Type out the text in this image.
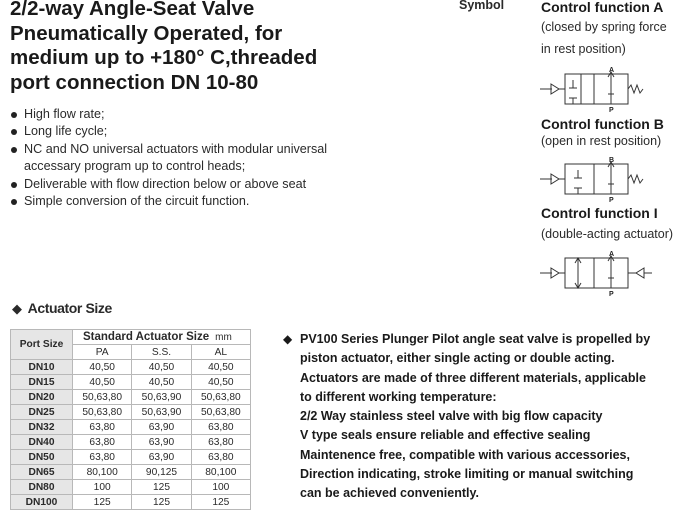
2/2-way Angle-Seat Valve
Pneumatically Operated, for
medium up to +180° C,threaded
port connection DN 10-80
High flow rate;
Long life cycle;
NC and NO universal actuators with modular universal accessary program up to control heads;
Deliverable with flow direction below or above seat
Simple conversion of the circuit function.
Symbol	Control function A
(closed by spring force
in rest position)
A
P
Control function B
(open in rest position)
B
P
Control function I
(double-acting actuator)
A
P
◆ Actuator Size
Port Size	Standard Actuator Size mm		
	PA	S.S.	AL
DN10	40,50	40,50	40,50
DN15	40,50	40,50	40,50
DN20	50,63,80	50,63,90	50,63,80
DN25	50,63,80	50,63,90	50,63,80
DN32	63,80	63,90	63,80
DN40	63,80	63,90	63,80
DN50	63,80	63,90	63,80
DN65	80,100	90,125	80,100
DN80	100	125	100
DN100	125	125	125
◆ PV100 Series Plunger Pilot angle seat valve is propelled by
piston actuator, either single acting or double acting.
Actuators are made of three different materials, applicable
to different working temperature:
2/2 Way stainless steel valve with big flow capacity
V type seals ensure reliable and effective sealing
Maintenence free, compatible with various accessories,
Direction indicating, stroke limiting or manual switching
can be achieved conveniently.
